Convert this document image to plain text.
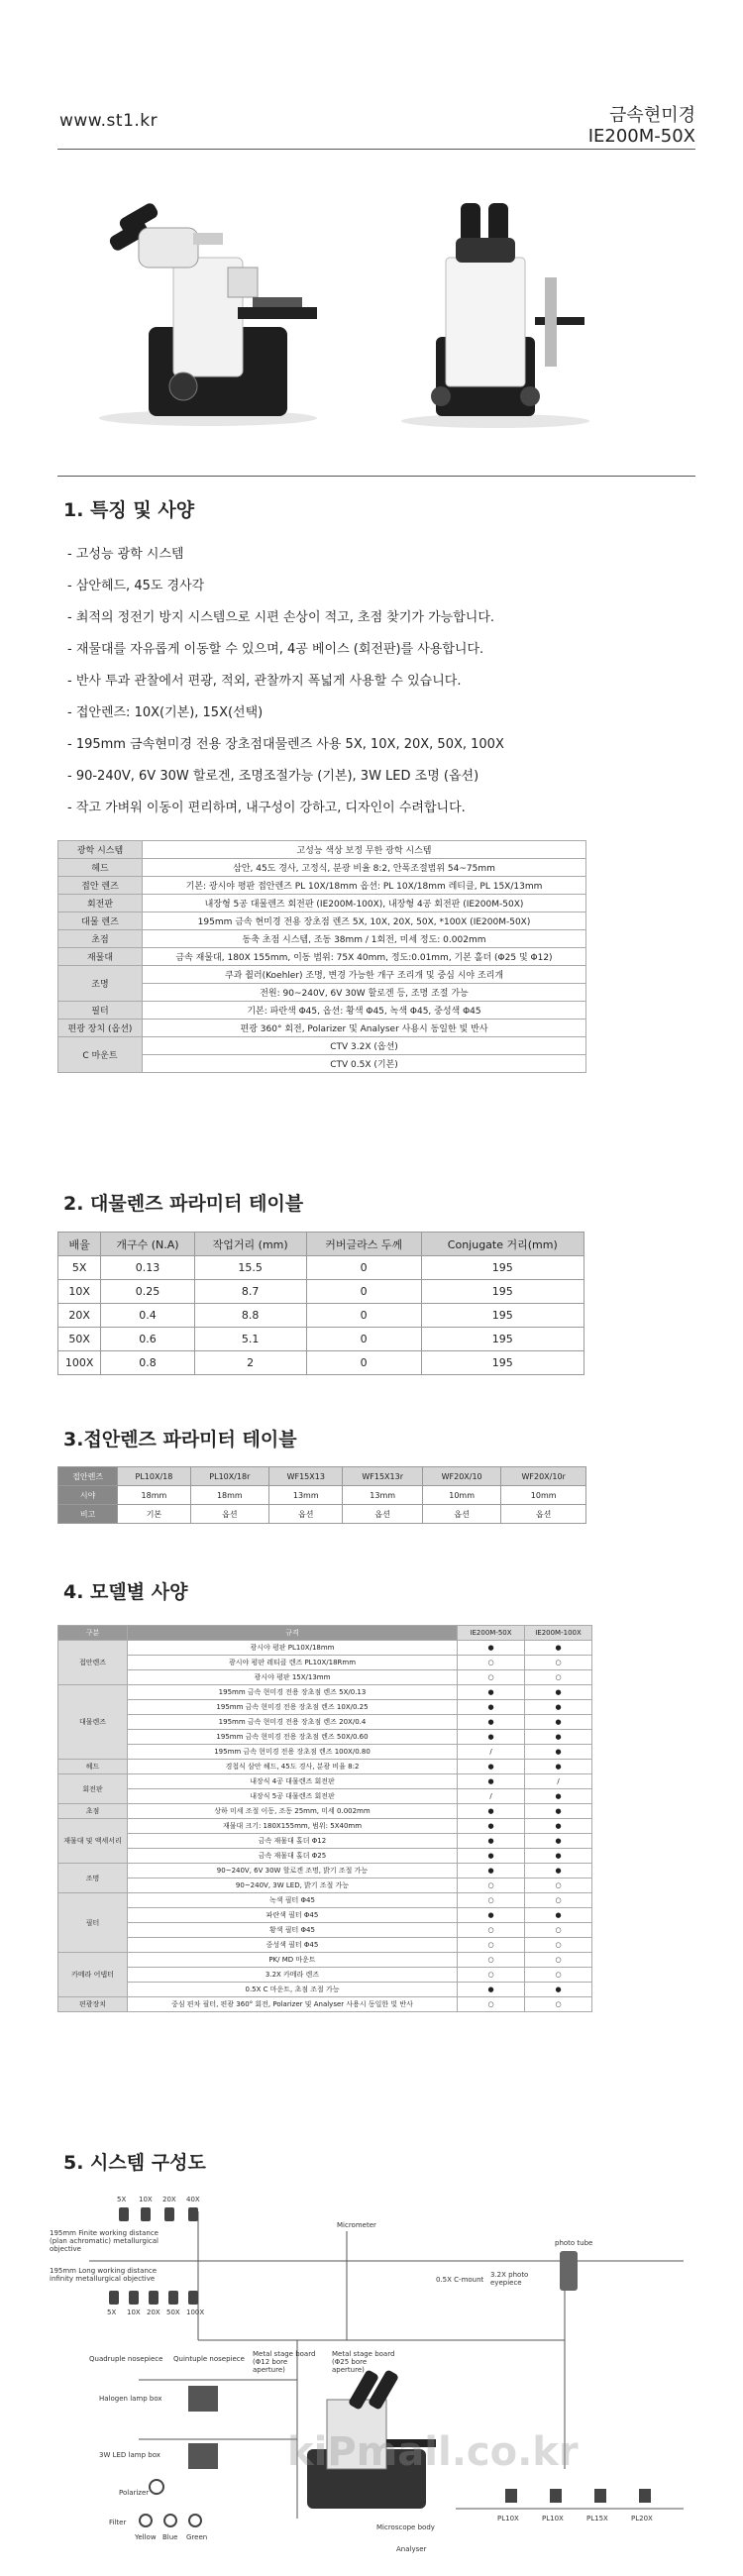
www.st1.kr	금속현미경
IE200M-50X
1. 특징 및 사양
- 고성능 광학 시스템
- 삼안헤드, 45도 경사각
- 최적의 정전기 방지 시스템으로 시편 손상이 적고, 초점 찾기가 가능합니다.
- 재물대를 자유롭게 이동할 수 있으며, 4공 베이스 (회전판)를 사용합니다.
- 반사 투과 관찰에서 편광, 적외, 관찰까지 폭넓게 사용할 수 있습니다.
- 접안렌즈: 10X(기본), 15X(선택)
- 195mm 금속현미경 전용 장초점대물렌즈 사용 5X, 10X, 20X, 50X, 100X
- 90-240V, 6V 30W 할로겐, 조명조절가능 (기본), 3W LED 조명 (옵션)
- 작고 가벼워 이동이 편리하며, 내구성이 강하고, 디자인이 수려합니다.
광학 시스템	고성능 색상 보정 무한 광학 시스템
헤드	삼안, 45도 경사, 고정식, 분광 비율 8:2, 안폭조절범위 54~75mm
접안 렌즈	기본: 광시야 평판 접안렌즈 PL 10X/18mm 옵션: PL 10X/18mm 레티클, PL 15X/13mm
회전판	내장형 5공 대물렌즈 회전판 (IE200M-100X), 내장형 4공 회전판 (IE200M-50X)
대물 렌즈	195mm 금속 현미경 전용 장초점 렌즈 5X, 10X, 20X, 50X, *100X (IE200M-50X)
초점	동축 초점 시스템, 조동 38mm / 1회전, 미세 정도: 0.002mm
재물대	금속 재물대, 180X 155mm, 이동 범위: 75X 40mm, 정도:0.01mm, 기본 홀더 (Φ25 및 Φ12)
조명	쿠과 췰러(Koehler) 조명, 변경 가능한 개구 조리개 및 중심 시야 조리개
	전원: 90~240V, 6V 30W 할로겐 등, 조명 조절 가능
필터	기본: 파란색 Φ45, 옵션: 황색 Φ45, 녹색 Φ45, 중성색 Φ45
편광 장치 (옵션)	편광 360° 회전, Polarizer 및 Analyser 사용시 동일한 빛 반사
C 마운트	CTV 3.2X (옵션)
	CTV 0.5X (기본)
2. 대물렌즈 파라미터 테이블
배율	개구수 (N.A)	작업거리 (mm)	커버글라스 두께	Conjugate 거리(mm)
5X	0.13	15.5	0	195
10X	0.25	8.7	0	195
20X	0.4	8.8	0	195
50X	0.6	5.1	0	195
100X	0.8	2	0	195
3.접안렌즈 파라미터 테이블
접안렌즈	PL10X/18	PL10X/18r	WF15X13	WF15X13r	WF20X/10	WF20X/10r
시야	18mm	18mm	13mm	13mm	10mm	10mm
비고	기본	옵션	옵션	옵션	옵션	옵션
4. 모델별 사양
구분	규격	IE200M-50X	IE200M-100X
접안렌즈	광시야 평판 PL10X/18mm	●	●
	광시야 평판 레티클 렌즈 PL10X/18Rmm	○	○
	광시야 평판 15X/13mm	○	○
대물렌즈	195mm 금속 현미경 전용 장초점 렌즈 5X/0.13	●	●
	195mm 금속 현미경 전용 장초점 렌즈 10X/0.25	●	●
	195mm 금속 현미경 전용 장초점 렌즈 20X/0.4	●	●
	195mm 금속 현미경 전용 장초점 렌즈 50X/0.60	●	●
	195mm 금속 현미경 전용 장초점 렌즈 100X/0.80	/	●
헤드	경첩식 삼안 헤드, 45도 경사, 분광 비율 8:2	●	●
회전판	내장식 4공 대물렌즈 회전판	●	/
	내장식 5공 대물렌즈 회전판	/	●
초점	상하 미세 조절 이동, 조동 25mm, 미세 0.002mm	●	●
재물대 및 액세서리	재물대 크기: 180X155mm, 범위: 5X40mm	●	●
	금속 재물대 홀더 Φ12	●	●
	금속 재물대 홀더 Φ25	●	●
조명	90~240V, 6V 30W 할로겐 조명, 밝기 조절 가능	●	●
	90~240V, 3W LED, 밝기 조절 가능	○	○
필터	녹색 필터 Φ45	○	○
	파란색 필터 Φ45	●	●
	황색 필터 Φ45	○	○
	중성색 필터 Φ45	○	○
카메라 어댑터	PK/ MD 마운트	○	○
	3.2X 카메라 렌즈	○	○
	0.5X C 마운트, 초점 조절 가능	●	●
편광장치	중심 편차 필터, 편광 360° 회전, Polarizer 및 Analyser 사용시 동일한 빛 반사	○	○
5. 시스템 구성도
5X 10X 20X 40X
195mm Finite working distance (plan achromatic) metallurgical objective
195mm Long working distance infinity metallurgical objective
5X 10X 20X 50X 100X
Quadruple nosepiece Quintuple nosepiece
Metal stage board (Φ12 bore aperture)
Metal stage board (Φ25 bore aperture)
Micrometer
0.5X C-mount
3.2X photo eyepiece
photo tube
Halogen lamp box
3W LED lamp box
Microscope body
Analyser
Polarizer
Filter
Yellow Blue Green
PL10X	PL10X	PL15X	PL20X
kiPmall.co.kr
